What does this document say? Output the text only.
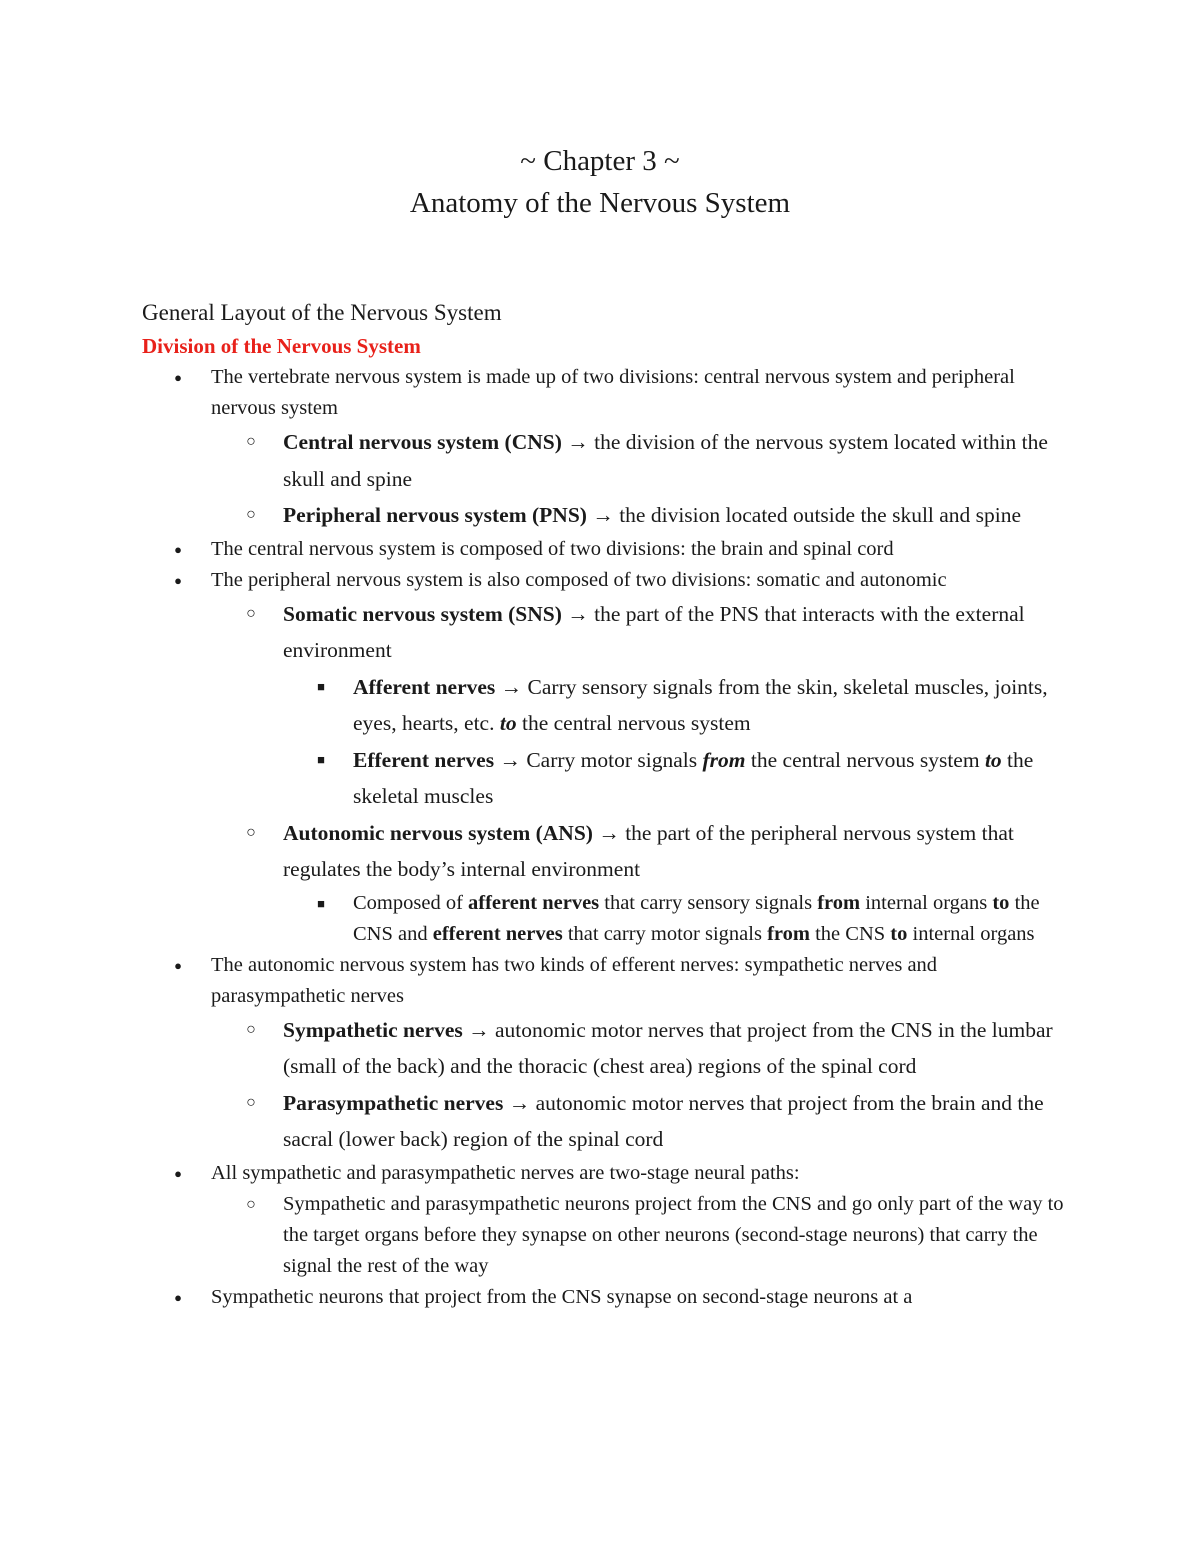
~ Chapter 3 ~
Anatomy of the Nervous System
General Layout of the Nervous System
Division of the Nervous System
● The vertebrate nervous system is made up of two divisions: central nervous system and peripheral nervous system
○ Central nervous system (CNS) → the division of the nervous system located within the skull and spine
○ Peripheral nervous system (PNS) → the division located outside the skull and spine
● The central nervous system is composed of two divisions: the brain and spinal cord
● The peripheral nervous system is also composed of two divisions: somatic and autonomic
○ Somatic nervous system (SNS) → the part of the PNS that interacts with the external environment
■ Afferent nerves → Carry sensory signals from the skin, skeletal muscles, joints, eyes, hearts, etc. to the central nervous system
■ Efferent nerves → Carry motor signals from the central nervous system to the skeletal muscles
○ Autonomic nervous system (ANS) → the part of the peripheral nervous system that regulates the body’s internal environment
■ Composed of afferent nerves that carry sensory signals from internal organs to the CNS and efferent nerves that carry motor signals from the CNS to internal organs
● The autonomic nervous system has two kinds of efferent nerves: sympathetic nerves and parasympathetic nerves
○ Sympathetic nerves → autonomic motor nerves that project from the CNS in the lumbar (small of the back) and the thoracic (chest area) regions of the spinal cord
○ Parasympathetic nerves → autonomic motor nerves that project from the brain and the sacral (lower back) region of the spinal cord
● All sympathetic and parasympathetic nerves are two-stage neural paths:
○ Sympathetic and parasympathetic neurons project from the CNS and go only part of the way to the target organs before they synapse on other neurons (second-stage neurons) that carry the signal the rest of the way
● Sympathetic neurons that project from the CNS synapse on second-stage neurons at a
